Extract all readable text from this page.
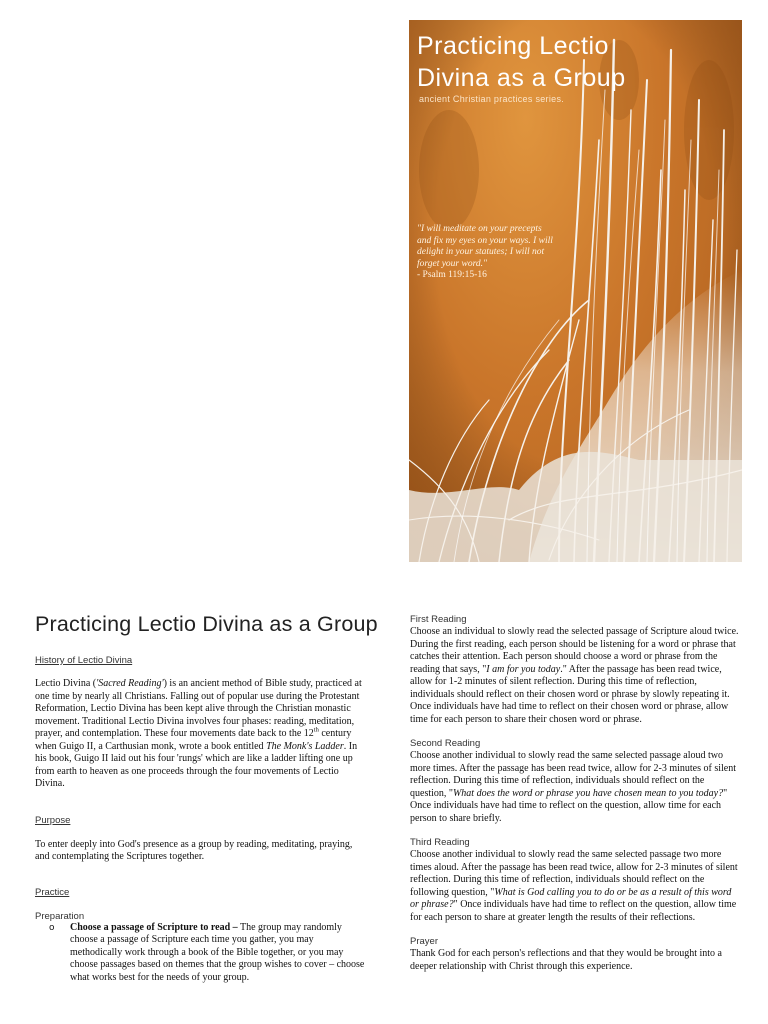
Practicing Lectio
Divina as a Group
ancient Christian practices series.
"I will meditate on your precepts and fix my eyes on your ways. I will delight in your statutes; I will not forget your word."
- Psalm 119:15-16
Practicing Lectio Divina as a Group

History of Lectio Divina

Lectio Divina ('Sacred Reading') is an ancient method of Bible study, practiced at one time by nearly all Christians. Falling out of popular use during the Protestant Reformation, Lectio Divina has been kept alive through the Christian monastic movement. Traditional Lectio Divina involves four phases: reading, meditation, prayer, and contemplation. These four movements date back to the 12th century when Guigo II, a Carthusian monk, wrote a book entitled The Monk's Ladder. In his book, Guigo II laid out his four 'rungs' which are like a ladder lifting one up from earth to heaven as one proceeds through the four movements of Lectio Divina.

Purpose

To enter deeply into God's presence as a group by reading, meditating, praying, and contemplating the Scriptures together.

Practice

Preparation

o Choose a passage of Scripture to read – The group may randomly choose a passage of Scripture each time you gather, you may methodically work through a book of the Bible together, or you may choose passages based on themes that the group wishes to cover – choose what works best for the needs of your group.

First Reading

Choose an individual to slowly read the selected passage of Scripture aloud twice. During the first reading, each person should be listening for a word or phrase that catches their attention. Each person should choose a word or phrase from the reading that says, "I am for you today." After the passage has been read twice, allow for 1-2 minutes of silent reflection. During this time of reflection, individuals should reflect on their chosen word or phrase by slowly repeating it. Once individuals have had time to reflect on their chosen word or phrase, allow time for each person to share their chosen word or phrase.

Second Reading

Choose another individual to slowly read the same selected passage aloud two more times. After the passage has been read twice, allow for 2-3 minutes of silent reflection. During this time of reflection, individuals should reflect on the question, "What does the word or phrase you have chosen mean to you today?" Once individuals have had time to reflect on the question, allow time for each person to share briefly.

Third Reading

Choose another individual to slowly read the same selected passage two more times aloud. After the passage has been read twice, allow for 2-3 minutes of silent reflection. During this time of reflection, individuals should reflect on the following question, "What is God calling you to do or be as a result of this word or phrase?" Once individuals have had time to reflect on the question, allow time for each person to share at greater length the results of their reflections.

Prayer

Thank God for each person's reflections and that they would be brought into a deeper relationship with Christ through this experience.
